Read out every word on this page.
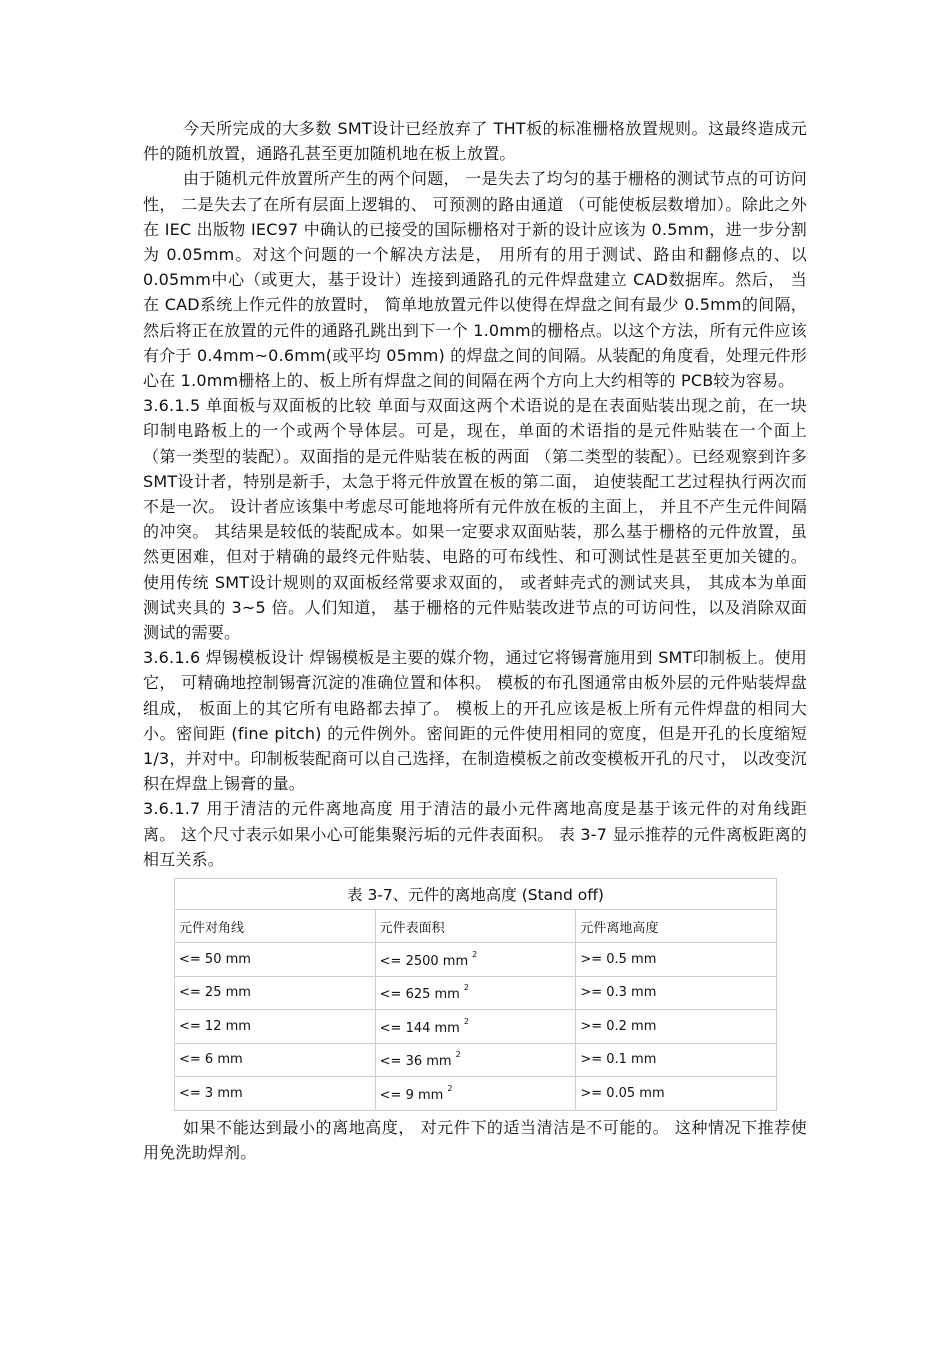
今天所完成的大多数 SMT设计已经放弃了 THT板的标准栅格放置规则。这最终造成元件的随机放置，通路孔甚至更加随机地在板上放置。

由于随机元件放置所产生的两个问题， 一是失去了均匀的基于栅格的测试节点的可访问性， 二是失去了在所有层面上逻辑的、 可预测的路由通道 （可能使板层数增加）。除此之外在 IEC 出版物 IEC97 中确认的已接受的国际栅格对于新的设计应该为 0.5mm，进一步分割为 0.05mm。对这个问题的一个解决方法是， 用所有的用于测试、路由和翻修点的、以 0.05mm中心（或更大，基于设计）连接到通路孔的元件焊盘建立 CAD数据库。然后， 当在 CAD系统上作元件的放置时， 简单地放置元件以使得在焊盘之间有最少 0.5mm的间隔，然后将正在放置的元件的通路孔跳出到下一个 1.0mm的栅格点。以这个方法，所有元件应该有介于 0.4mm~0.6mm(或平均 05mm) 的焊盘之间的间隔。从装配的角度看，处理元件形心在 1.0mm栅格上的、板上所有焊盘之间的间隔在两个方向上大约相等的 PCB较为容易。

3.6.1.5 单面板与双面板的比较 单面与双面这两个术语说的是在表面贴装出现之前，在一块印制电路板上的一个或两个导体层。可是，现在，单面的术语指的是元件贴装在一个面上 （第一类型的装配）。双面指的是元件贴装在板的两面 （第二类型的装配）。已经观察到许多 SMT设计者，特别是新手，太急于将元件放置在板的第二面， 迫使装配工艺过程执行两次而不是一次。 设计者应该集中考虑尽可能地将所有元件放在板的主面上， 并且不产生元件间隔的冲突。 其结果是较低的装配成本。如果一定要求双面贴装，那么基于栅格的元件放置，虽然更困难，但对于精确的最终元件贴装、电路的可布线性、和可测试性是甚至更加关键的。使用传统 SMT设计规则的双面板经常要求双面的， 或者蚌壳式的测试夹具， 其成本为单面测试夹具的 3~5 倍。人们知道， 基于栅格的元件贴装改进节点的可访问性，以及消除双面测试的需要。

3.6.1.6 焊锡模板设计 焊锡模板是主要的媒介物，通过它将锡膏施用到 SMT印制板上。使用它， 可精确地控制锡膏沉淀的准确位置和体积。 模板的布孔图通常由板外层的元件贴装焊盘组成， 板面上的其它所有电路都去掉了。 模板上的开孔应该是板上所有元件焊盘的相同大小。密间距 (fine pitch) 的元件例外。密间距的元件使用相同的宽度，但是开孔的长度缩短 1/3，并对中。印制板装配商可以自己选择，在制造模板之前改变模板开孔的尺寸， 以改变沉积在焊盘上锡膏的量。

3.6.1.7 用于清洁的元件离地高度 用于清洁的最小元件离地高度是基于该元件的对角线距离。 这个尺寸表示如果小心可能集聚污垢的元件表面积。 表 3-7 显示推荐的元件离板距离的相互关系。

表 3-7、元件的离地高度 (Stand off)		
元件对角线	元件表面积	元件离地高度
<= 50 mm	<= 2500 mm $^2$	>= 0.5 mm
<= 25 mm	<= 625 mm $^2$	>= 0.3 mm
<= 12 mm	<= 144 mm $^2$	>= 0.2 mm
<= 6 mm	<= 36 mm $^2$	>= 0.1 mm
<= 3 mm	<= 9 mm $^2$	>= 0.05 mm

如果不能达到最小的离地高度， 对元件下的适当清洁是不可能的。 这种情况下推荐使用免洗助焊剂。
